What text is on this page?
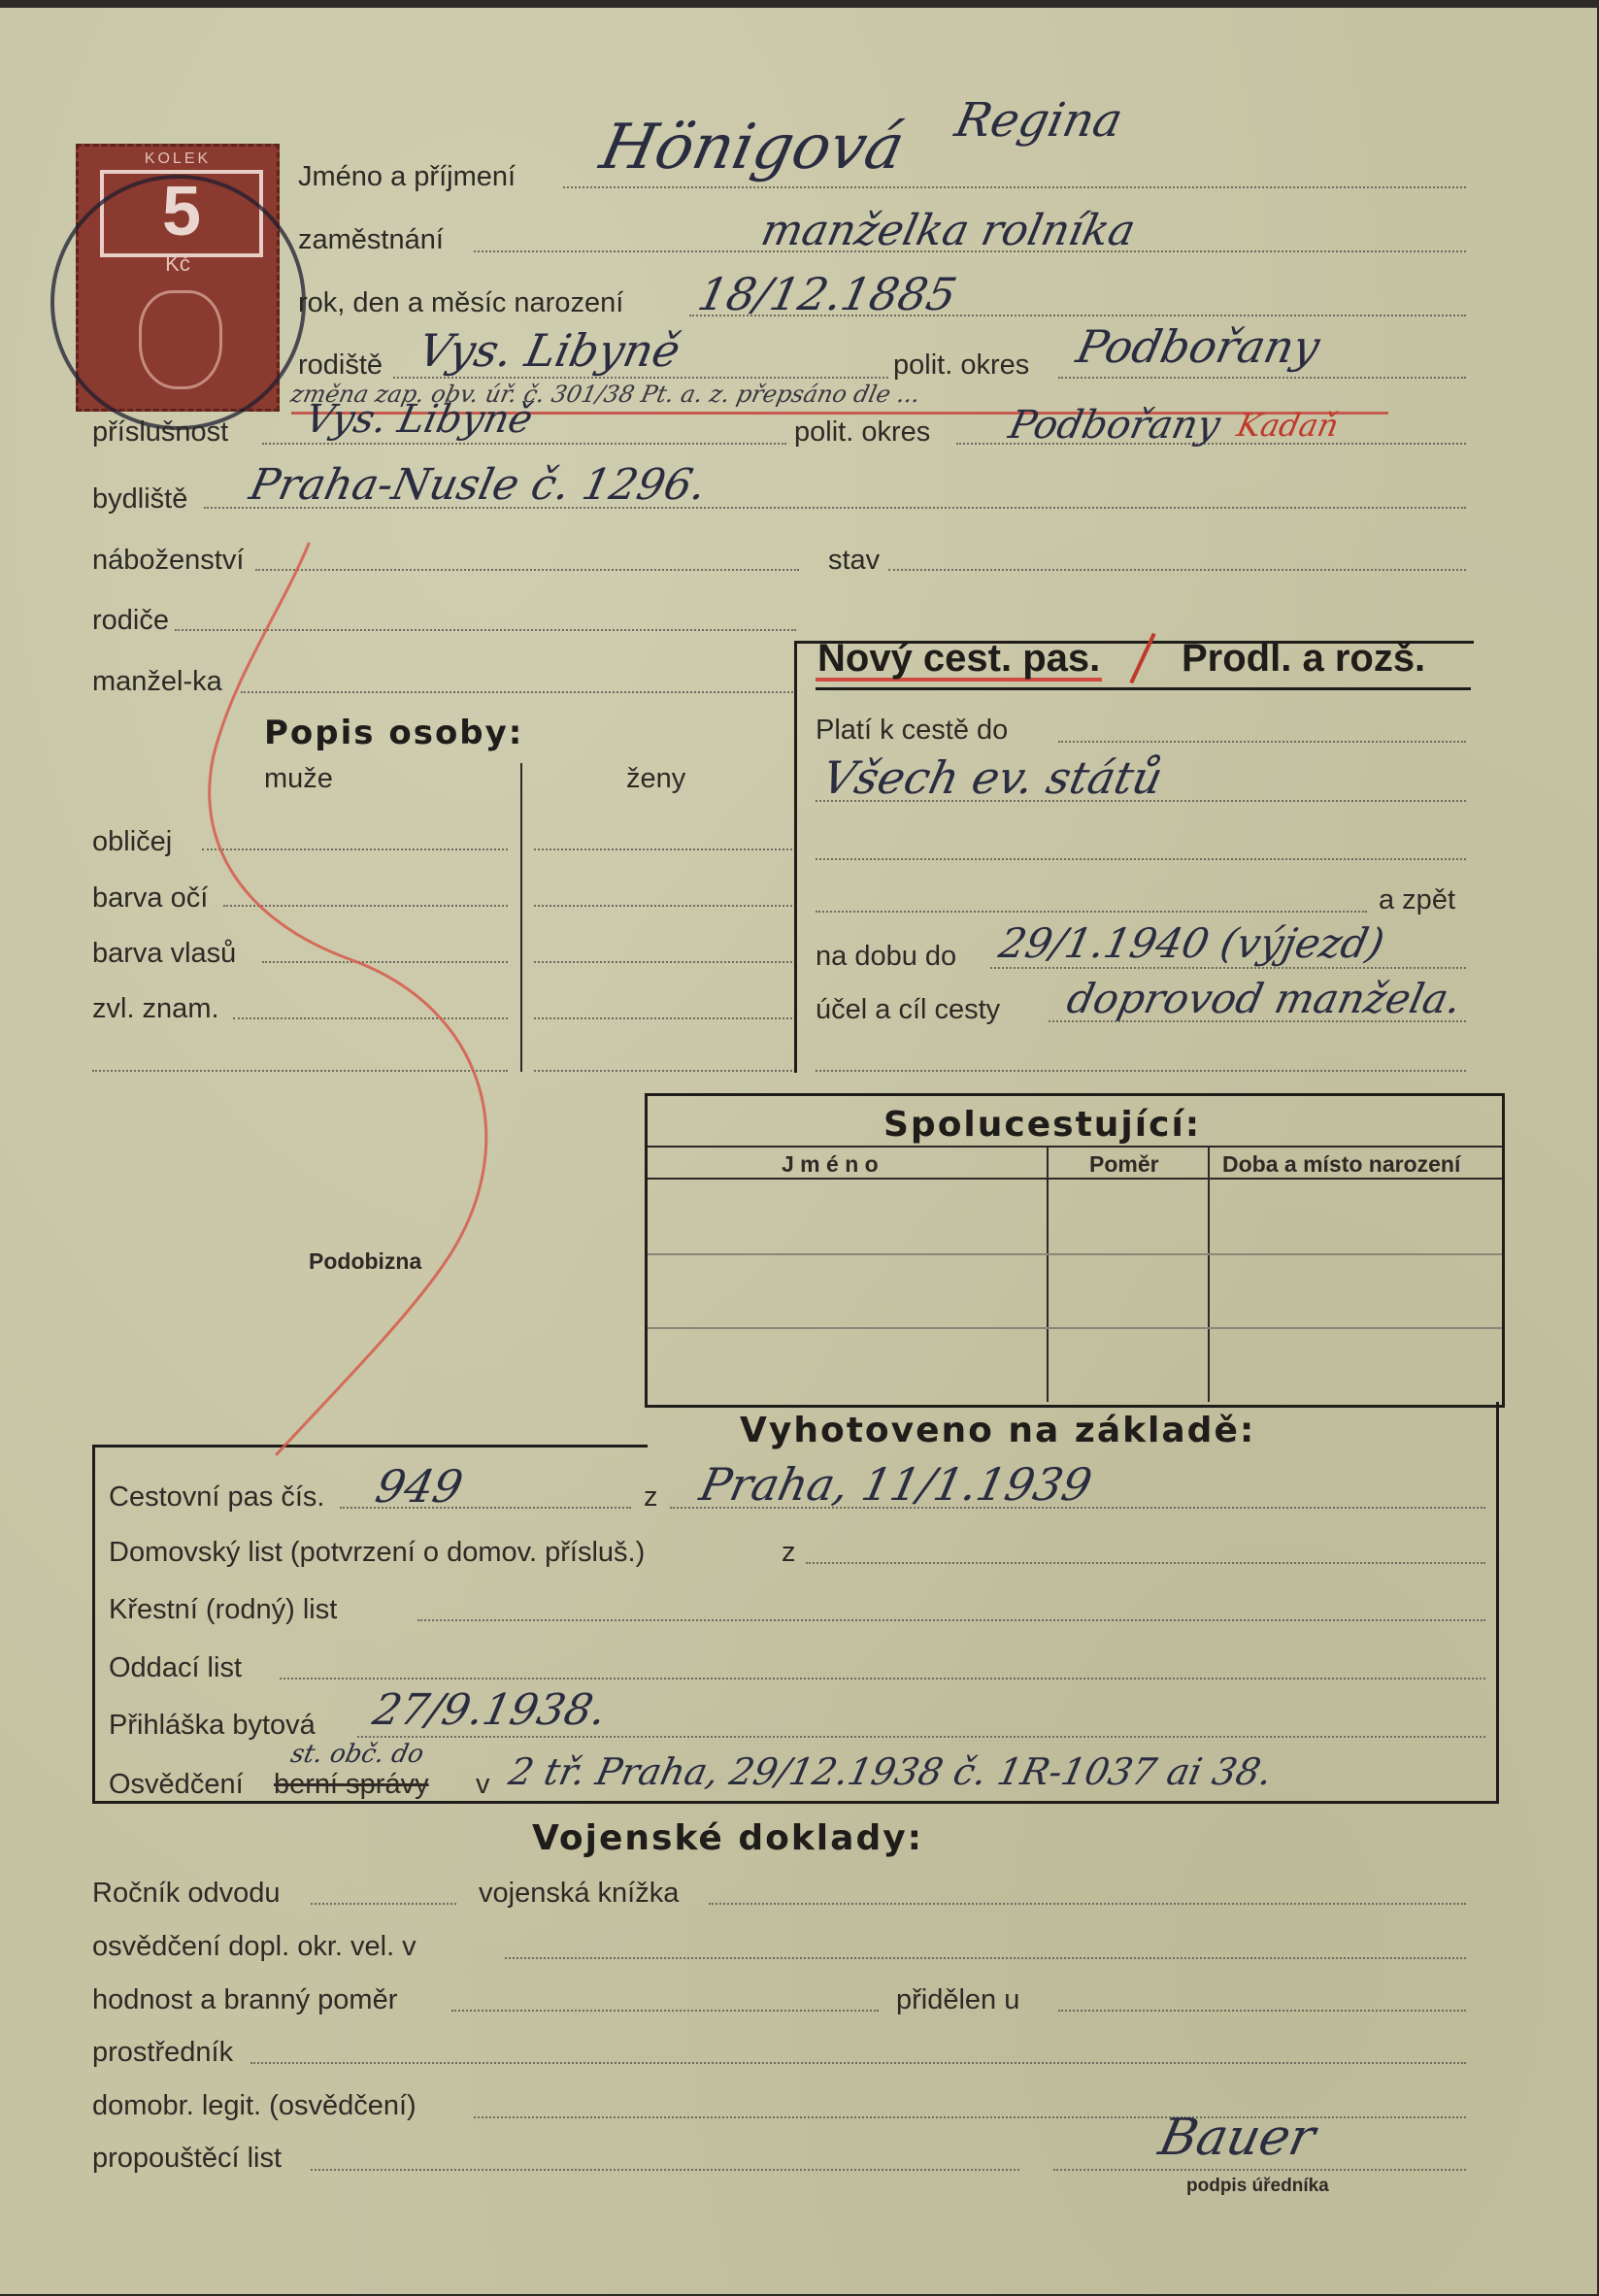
KOLEK
5
Kč
Jméno a příjmení Hönigová Regina
zaměstnání	manželka rolníka
rok, den a měsíc narození 18/12.1885
rodiště Vys. Libyně	polit. okres Podbořany
změna zap. obv. úř. č. 301/38 Pt. a. z. přepsáno dle ...
příslušnost Vys. Libyně	polit. okres Podbořany Kadaň
bydliště Praha-Nusle č. 1296.
náboženství	stav
rodiče
manžel-ka
Popis osoby:
muže	ženy
obličej
barva očí
barva vlasů
zvl. znam.
Nový cest. pas. Prodl. a rozš.
Platí k cestě do
Všech ev. států
a zpět
na dobu do 29/1.1940 (výjezd)
účel a cíl cesty doprovod manžela.
Podobizna
Spolucestující:
J m é n o	Poměr	Doba a místo narození
Vyhotoveno na základě:
Cestovní pas čís. 949	z Praha, 11/1.1939
Domovský list (potvrzení o domov. přísluš.)	z
Křestní (rodný) list
Oddací list
Přihláška bytová 27/9.1938.
Osvědčení berní správy
st. obč. do
v 2 tř. Praha, 29/12.1938 č. 1R-1037 ai 38.
Vojenské doklady:
Ročník odvodu	vojenská knížka
osvědčení dopl. okr. vel. v
hodnost a branný poměr	přidělen u
prostředník
domobr. legit. (osvědčení)
propouštěcí list	Bauer
podpis úředníka
